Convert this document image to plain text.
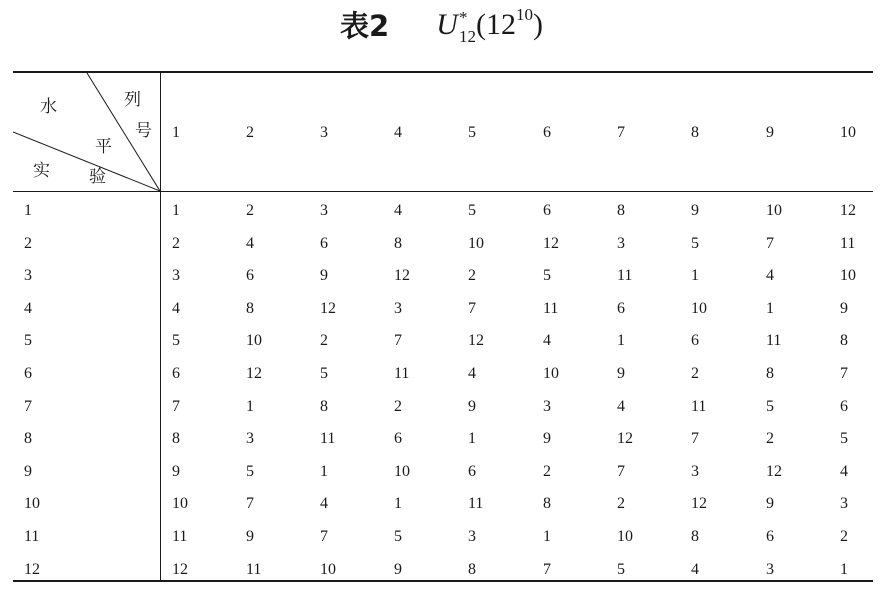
表2 U *
12 $(12^{10})$
水	列
号
平
实 验
1	2	3	4	5	6	7	8	9	10
1	1	2	3	4	5	6	8	9	10	12
2	2	4	6	8	10	12	3	5	7	11
3	3	6	9	12	2	5	11	1	4	10
4	4	8	12	3	7	11	6	10	1	9
5	5	10	2	7	12	4	1	6	11	8
6	6	12	5	11	4	10	9	2	8	7
7	7	1	8	2	9	3	4	11	5	6
8	8	3	11	6	1	9	12	7	2	5
9	9	5	1	10	6	2	7	3	12	4
10	10	7	4	1	11	8	2	12	9	3
11	11	9	7	5	3	1	10	8	6	2
12	12	11	10	9	8	7	5	4	3	1
